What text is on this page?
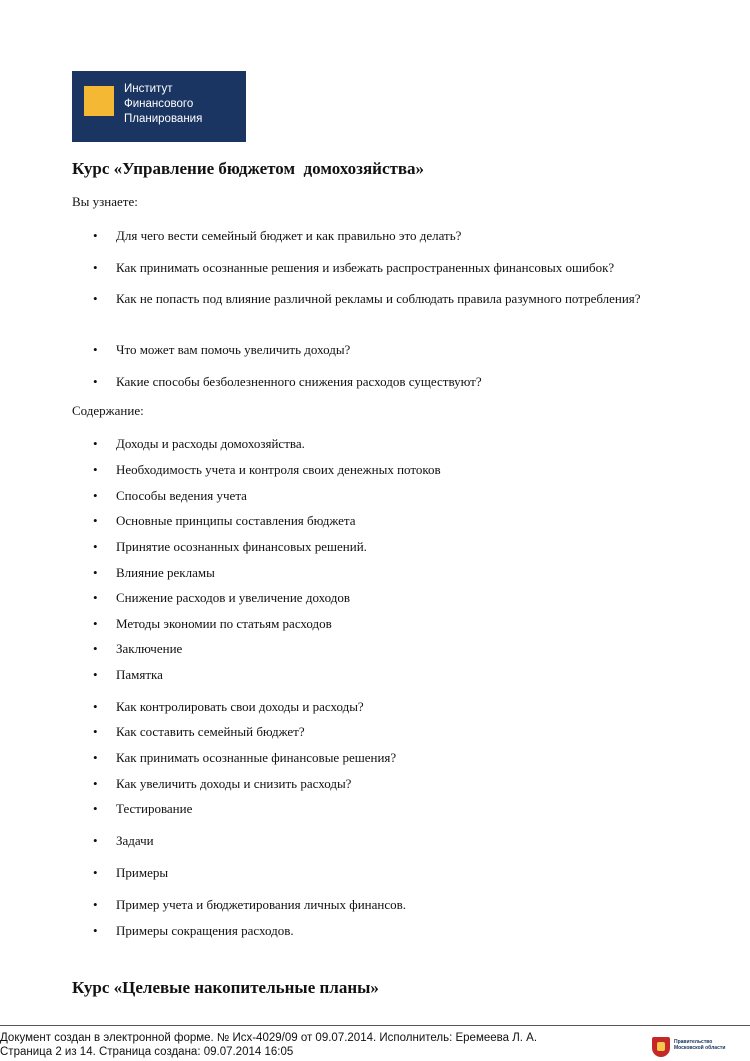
Институт
Финансового
Планирования
Курс «Управление бюджетом  домохозяйства»
Вы узнаете:
• Для чего вести семейный бюджет и как правильно это делать?
• Как принимать осознанные решения и избежать распространенных финансовых ошибок?
• Как не попасть под влияние различной рекламы и соблюдать правила разумного потребления?
• Что может вам помочь увеличить доходы?
• Какие способы безболезненного снижения расходов существуют?
Содержание:
• Доходы и расходы домохозяйства.
• Необходимость учета и контроля своих денежных потоков
• Способы ведения учета
• Основные принципы составления бюджета
• Принятие осознанных финансовых решений.
• Влияние рекламы
• Снижение расходов и увеличение доходов
• Методы экономии по статьям расходов
• Заключение
• Памятка
• Как контролировать свои доходы и расходы?
• Как составить семейный бюджет?
• Как принимать осознанные финансовые решения?
• Как увеличить доходы и снизить расходы?
• Тестирование
• Задачи
• Примеры
• Пример учета и бюджетирования личных финансов.
• Примеры сокращения расходов.
Курс «Целевые накопительные планы»
Документ создан в электронной форме. № Исх-4029/09 от 09.07.2014. Исполнитель: Еремеева Л. А.
Страница 2 из 14. Страница создана: 09.07.2014 16:05
Правительство
Московской области
